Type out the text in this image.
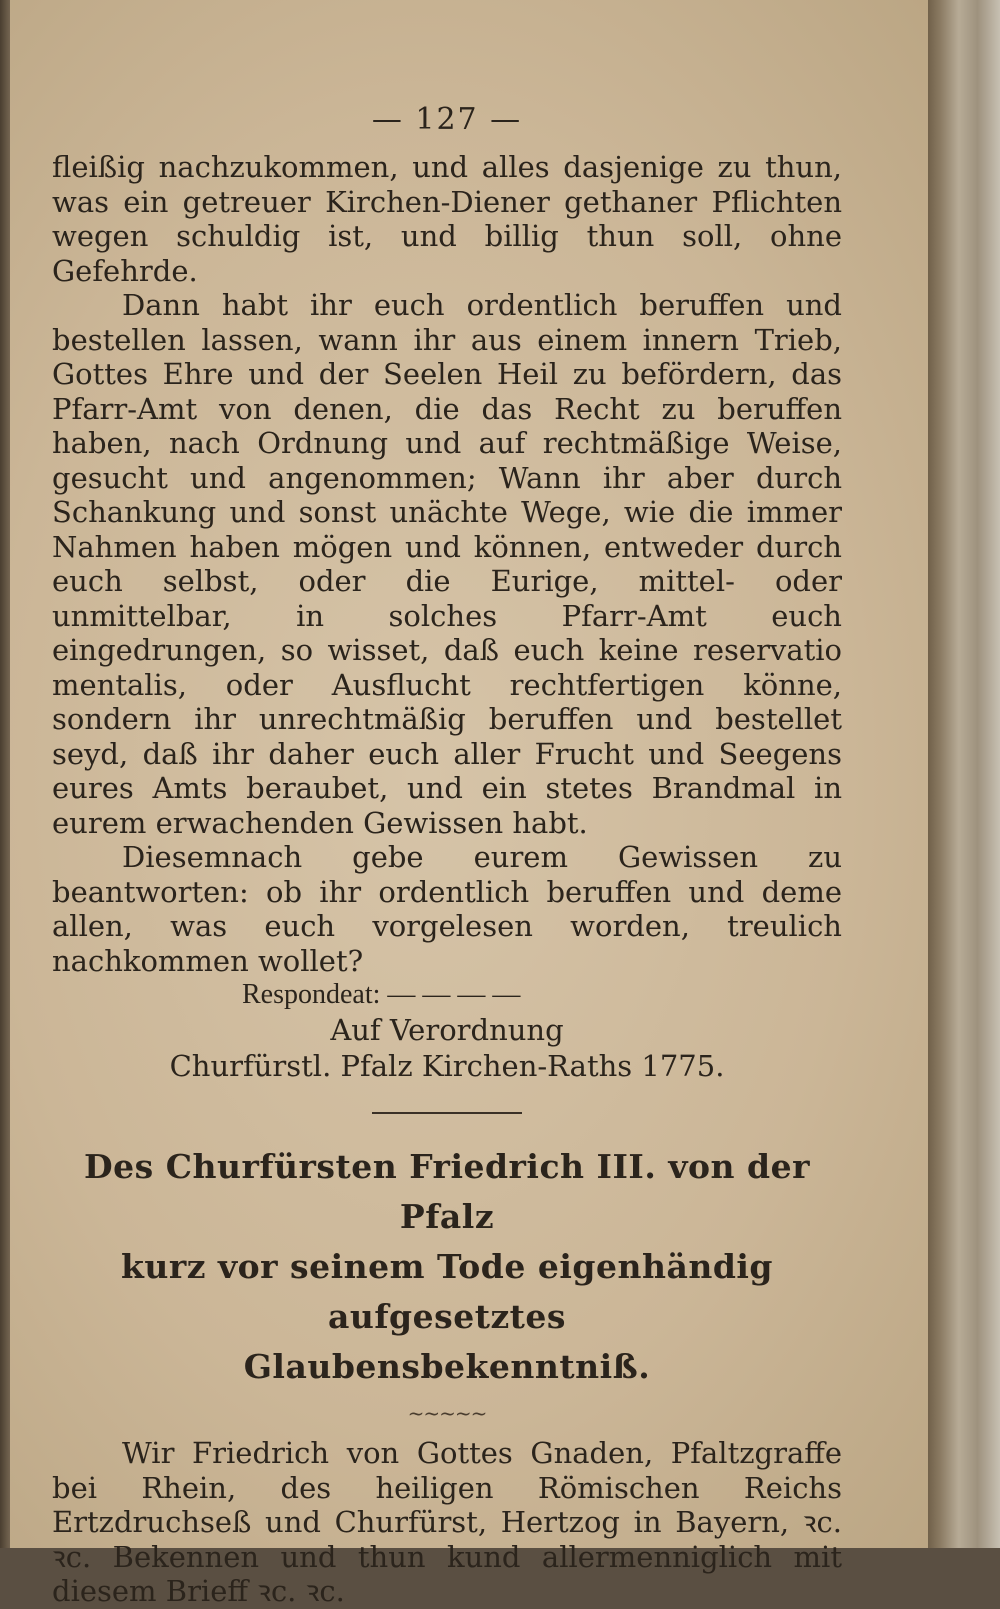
— 127 —

fleißig nachzukommen, und alles dasjenige zu thun, was ein getreuer Kirchen-Diener gethaner Pflichten wegen schuldig ist, und billig thun soll, ohne Gefehrde.

Dann habt ihr euch ordentlich beruffen und bestellen lassen, wann ihr aus einem innern Trieb, Gottes Ehre und der Seelen Heil zu befördern, das Pfarr-Amt von denen, die das Recht zu beruffen haben, nach Ordnung und auf rechtmäßige Weise, gesucht und angenommen; Wann ihr aber durch Schankung und sonst unächte Wege, wie die immer Nahmen haben mögen und können, entweder durch euch selbst, oder die Eurige, mittel- oder unmittelbar, in solches Pfarr-Amt euch eingedrungen, so wisset, daß euch keine reservatio mentalis, oder Ausflucht rechtfertigen könne, sondern ihr unrechtmäßig beruffen und bestellet seyd, daß ihr daher euch aller Frucht und Seegens eures Amts beraubet, und ein stetes Brandmal in eurem erwachenden Gewissen habt.

Diesemnach gebe eurem Gewissen zu beantworten: ob ihr ordentlich beruffen und deme allen, was euch vorgelesen worden, treulich nachkommen wollet?

Respondeat: — — — —

Auf Verordnung

Churfürstl. Pfalz Kirchen-Raths 1775.

Des Churfürsten Friedrich III. von der Pfalz

kurz vor seinem Tode eigenhändig aufgesetztes

Glaubensbekenntniß.

~~~~~

Wir Friedrich von Gottes Gnaden, Pfaltzgraffe bei Rhein, des heiligen Römischen Reichs Ertzdruchseß und Churfürst, Hertzog in Bayern, ꝛc. ꝛc. Bekennen und thun kund allermenniglich mit diesem Brieff ꝛc. ꝛc.
